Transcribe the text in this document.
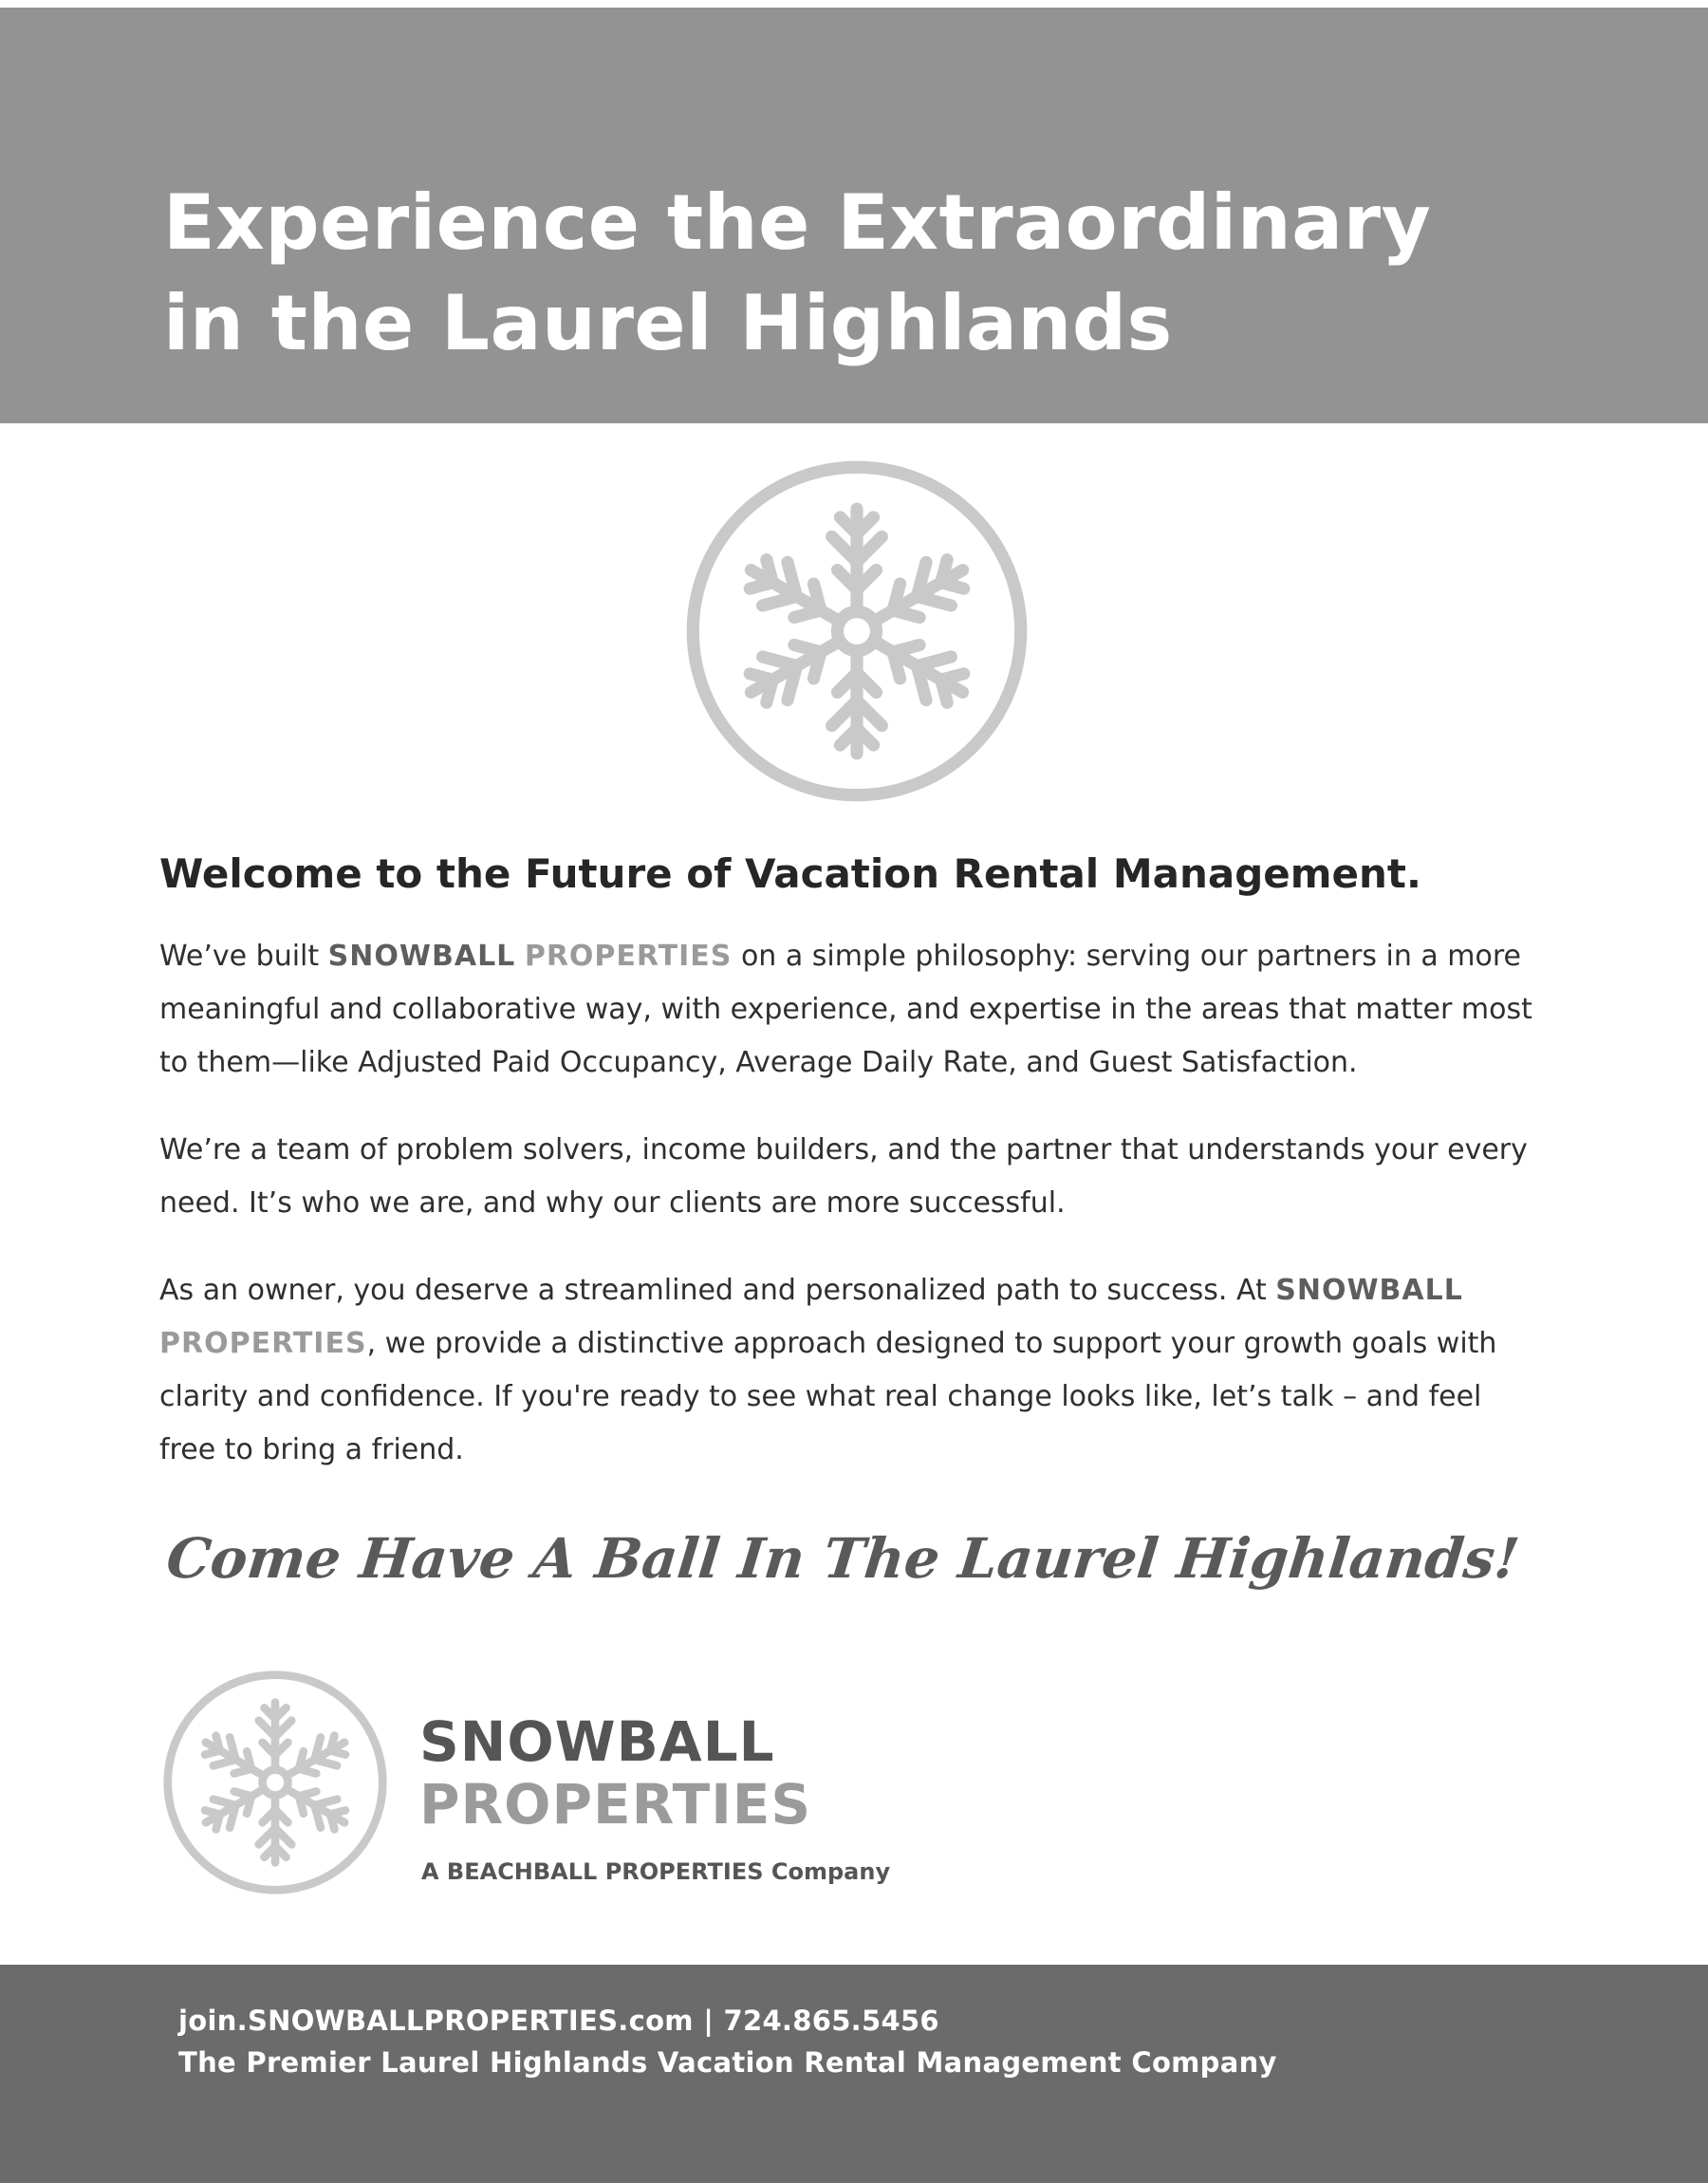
Experience the Extraordinary
in the Laurel Highlands
Welcome to the Future of Vacation Rental Management.

We’ve built SNOWBALL PROPERTIES on a simple philosophy: serving our partners in a more meaningful and collaborative way, with experience, and expertise in the areas that matter most to them—like Adjusted Paid Occupancy, Average Daily Rate, and Guest Satisfaction.

We’re a team of problem solvers, income builders, and the partner that understands your every need. It’s who we are, and why our clients are more successful.

As an owner, you deserve a streamlined and personalized path to success. At SNOWBALL PROPERTIES, we provide a distinctive approach designed to support your growth goals with clarity and confidence. If you're ready to see what real change looks like, let’s talk – and feel free to bring a friend.

Come Have A Ball In The Laurel Highlands!
SNOWBALL
PROPERTIES
A BEACHBALL PROPERTIES Company
join.SNOWBALLPROPERTIES.com | 724.865.5456
The Premier Laurel Highlands Vacation Rental Management Company
